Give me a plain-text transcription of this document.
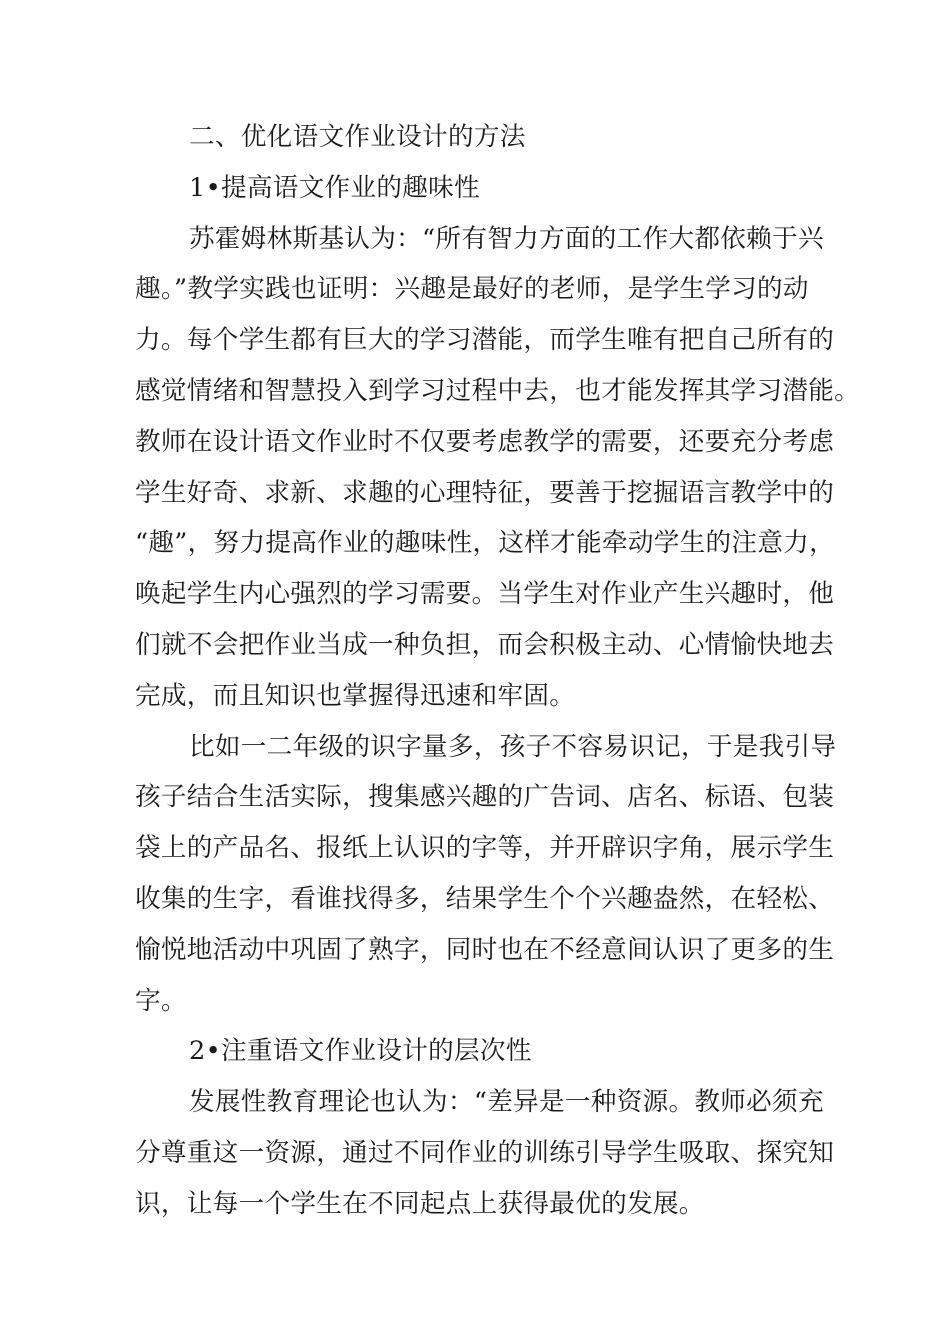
二、优化语文作业设计的方法
1•提高语文作业的趣味性
苏霍姆林斯基认为：“所有智力方面的工作大都依赖于兴
趣。”教学实践也证明：兴趣是最好的老师，是学生学习的动
力。每个学生都有巨大的学习潜能，而学生唯有把自己所有的
感觉情绪和智慧投入到学习过程中去，也才能发挥其学习潜能。
教师在设计语文作业时不仅要考虑教学的需要，还要充分考虑
学生好奇、求新、求趣的心理特征，要善于挖掘语言教学中的
“趣”，努力提高作业的趣味性，这样才能牵动学生的注意力，
唤起学生内心强烈的学习需要。当学生对作业产生兴趣时，他
们就不会把作业当成一种负担，而会积极主动、心情愉快地去
完成，而且知识也掌握得迅速和牢固。
比如一二年级的识字量多，孩子不容易识记，于是我引导
孩子结合生活实际，搜集感兴趣的广告词、店名、标语、包装
袋上的产品名、报纸上认识的字等，并开辟识字角，展示学生
收集的生字，看谁找得多，结果学生个个兴趣盎然，在轻松、
愉悦地活动中巩固了熟字，同时也在不经意间认识了更多的生
字。
2•注重语文作业设计的层次性
发展性教育理论也认为：“差异是一种资源。教师必须充
分尊重这一资源，通过不同作业的训练引导学生吸取、探究知
识，让每一个学生在不同起点上获得最优的发展。
